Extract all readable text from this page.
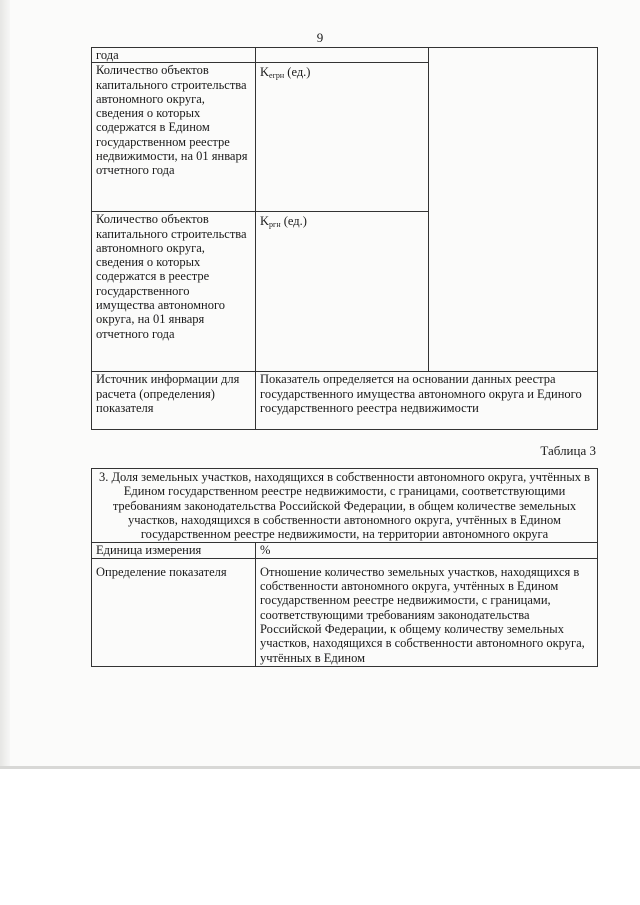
9
года		
Количество объектов капитального строительства автономного округа, сведения о которых содержатся в Едином государственном реестре недвижимости, на 01 января отчетного года	$K_{егрн}$ (ед.)	
Количество объектов капитального строительства автономного округа, сведения о которых содержатся в реестре государственного имущества автономного округа, на 01 января отчетного года	$K_{ргн}$ (ед.)	
Источник информации для расчета (определения) показателя	Показатель определяется на основании данных реестра государственного имущества автономного округа и Единого государственного реестра недвижимости	
Таблица 3
3. Доля земельных участков, находящихся в собственности автономного округа, учтённых в Едином государственном реестре недвижимости, с границами, соответствующими требованиям законодательства Российской Федерации, в общем количестве земельных участков, находящихся в собственности автономного округа, учтённых в Едином государственном реестре недвижимости, на территории автономного округа	
Единица измерения	%
Определение показателя	Отношение количество земельных участков, находящихся в собственности автономного округа, учтённых в Едином государственном реестре недвижимости, с границами, соответствующими требованиям законодательства Российской Федерации, к общему количеству земельных участков, находящихся в собственности автономного округа, учтённых в Едином
